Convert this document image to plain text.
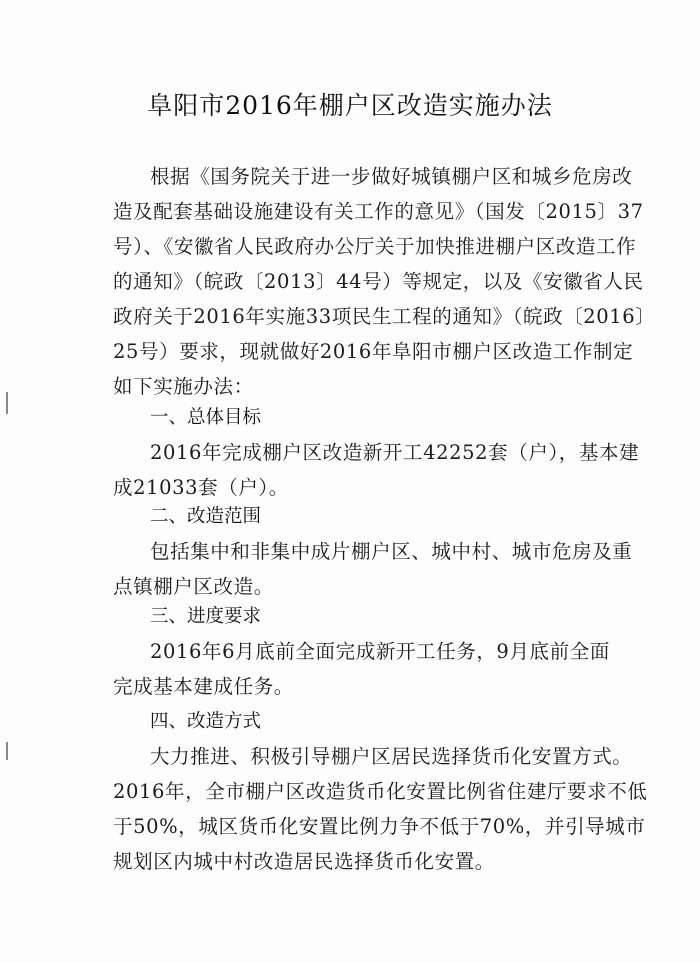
阜阳市2016年棚户区改造实施办法
根据《国务院关于进一步做好城镇棚户区和城乡危房改
造及配套基础设施建设有关工作的意见》（国发〔2015〕37
号）、《安徽省人民政府办公厅关于加快推进棚户区改造工作
的通知》（皖政〔2013〕44号）等规定，以及《安徽省人民
政府关于2016年实施33项民生工程的通知》（皖政〔2016〕
25号）要求，现就做好2016年阜阳市棚户区改造工作制定
如下实施办法：
一、总体目标
2016年完成棚户区改造新开工42252套（户），基本建
成21033套（户）。
二、改造范围
包括集中和非集中成片棚户区、城中村、城市危房及重
点镇棚户区改造。
三、进度要求
2016年6月底前全面完成新开工任务，9月底前全面
完成基本建成任务。
四、改造方式
大力推进、积极引导棚户区居民选择货币化安置方式。
2016年，全市棚户区改造货币化安置比例省住建厅要求不低
于50%，城区货币化安置比例力争不低于70%，并引导城市
规划区内城中村改造居民选择货币化安置。
